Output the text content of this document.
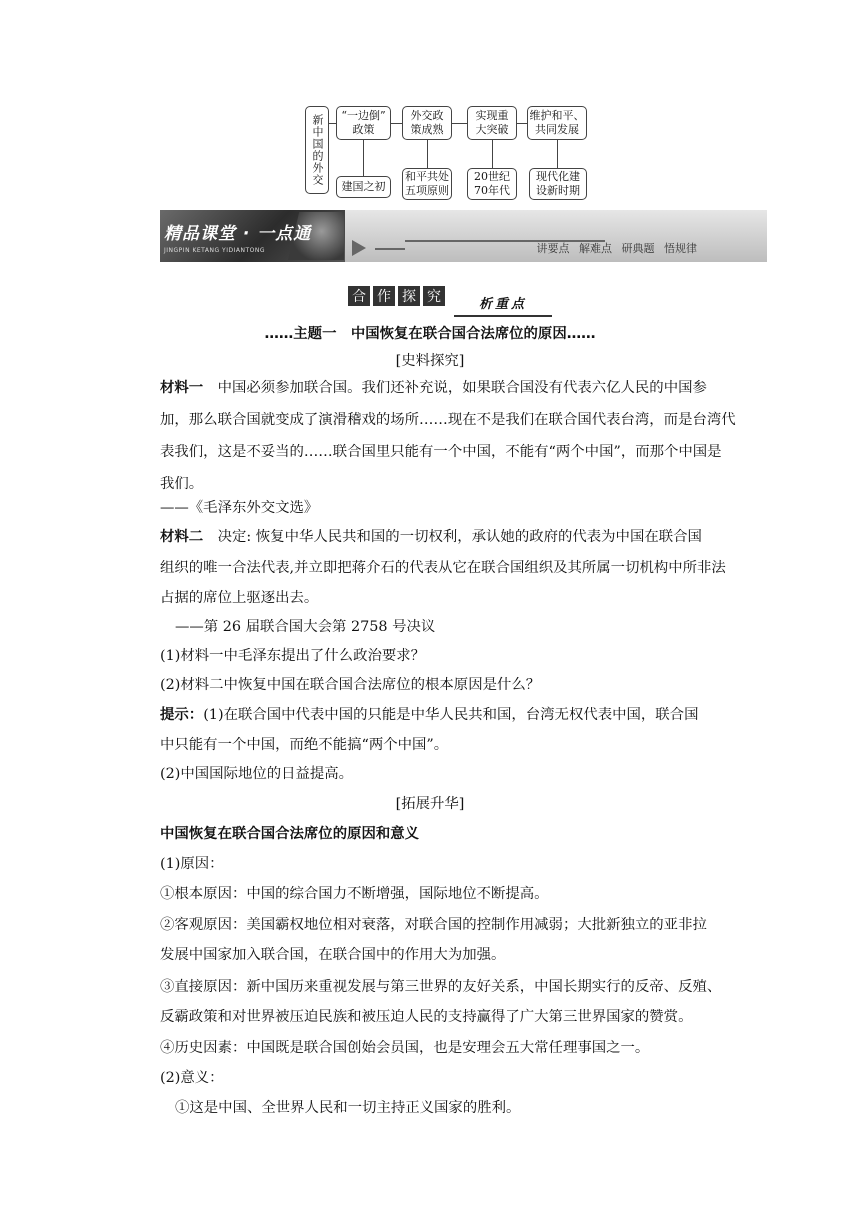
新中国的外交	“一边倒”
政策
外交政
策成熟
实现重
大突破
维护和平、
共同发展
建国之初
和平共处
五项原则
20世纪
70年代
现代化建
设新时期
精品课堂 · 一点通
JINGPIN KETANG YIDIANTONG	讲要点 解难点 研典题 悟规律
合 作 探 究	析重点
……主题一　中国恢复在联合国合法席位的原因……
[史料探究]
材料一　中国必须参加联合国。我们还补充说，如果联合国没有代表六亿人民的中国参
加，那么联合国就变成了演滑稽戏的场所……现在不是我们在联合国代表台湾，而是台湾代
表我们，这是不妥当的……联合国里只能有一个中国，不能有“两个中国”，而那个中国是
我们。
——《毛泽东外交文选》
材料二　决定: 恢复中华人民共和国的一切权利，承认她的政府的代表为中国在联合国
组织的唯一合法代表,并立即把蒋介石的代表从它在联合国组织及其所属一切机构中所非法
占据的席位上驱逐出去。
——第 26 届联合国大会第 2758 号决议
(1)材料一中毛泽东提出了什么政治要求？
(2)材料二中恢复中国在联合国合法席位的根本原因是什么？
提示：(1)在联合国中代表中国的只能是中华人民共和国，台湾无权代表中国，联合国
中只能有一个中国，而绝不能搞“两个中国”。
(2)中国国际地位的日益提高。
[拓展升华]
中国恢复在联合国合法席位的原因和意义
(1)原因：
①根本原因：中国的综合国力不断增强，国际地位不断提高。
②客观原因：美国霸权地位相对衰落，对联合国的控制作用减弱；大批新独立的亚非拉
发展中国家加入联合国，在联合国中的作用大为加强。
③直接原因：新中国历来重视发展与第三世界的友好关系，中国长期实行的反帝、反殖、
反霸政策和对世界被压迫民族和被压迫人民的支持赢得了广大第三世界国家的赞赏。
④历史因素：中国既是联合国创始会员国，也是安理会五大常任理事国之一。
(2)意义：
①这是中国、全世界人民和一切主持正义国家的胜利。
